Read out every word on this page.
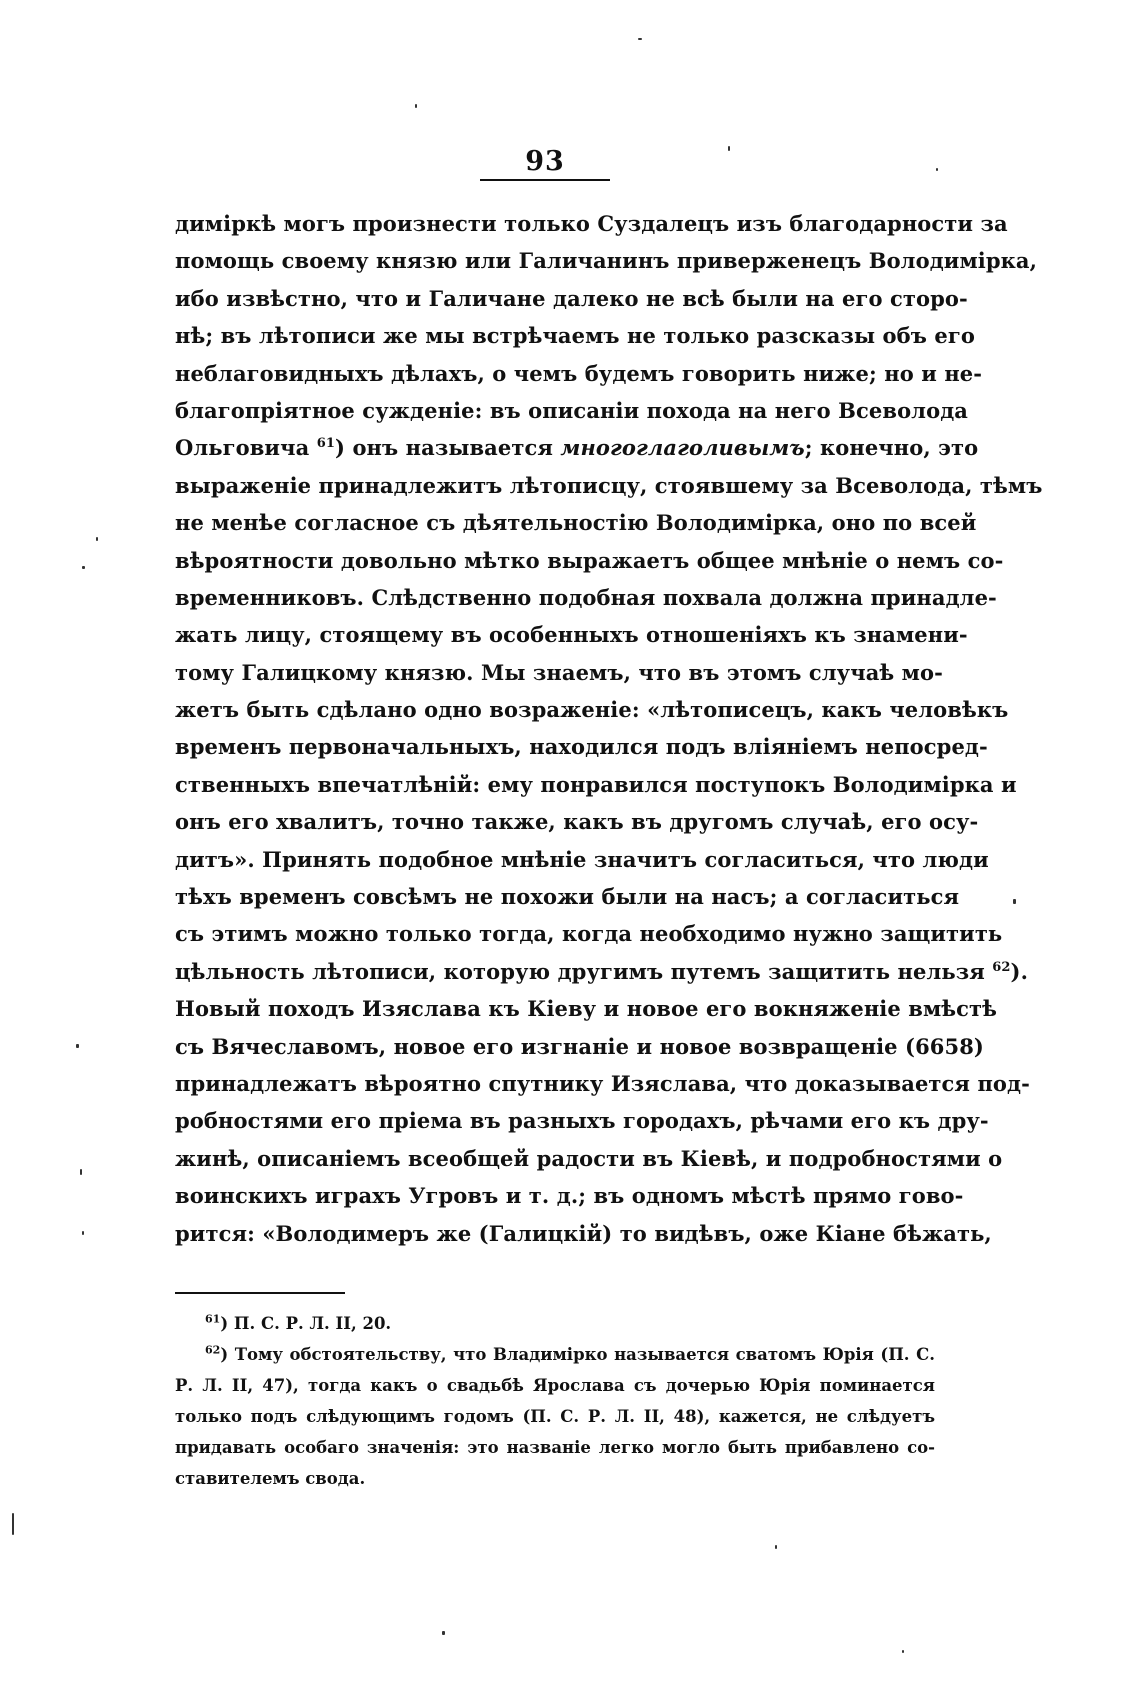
93
диміркѣ могъ произнести только Суздалецъ изъ благодарности за
помощь своему князю или Галичанинъ приверженецъ Володимірка,
ибо извѣстно, что и Галичане далеко не всѣ были на его сторо-
нѣ; въ лѣтописи же мы встрѣчаемъ не только разсказы объ его
неблаговидныхъ дѣлахъ, о чемъ будемъ говорить ниже; но и не-
благопріятное сужденіе: въ описаніи похода на него Всеволода
Ольговича $^{61}$) онъ называется многоглаголивымъ; конечно, это
выраженіе принадлежитъ лѣтописцу, стоявшему за Всеволода, тѣмъ
не менѣе согласное съ дѣятельностію Володимірка, оно по всей
вѣроятности довольно мѣтко выражаетъ общее мнѣніе о немъ со-
временниковъ. Слѣдственно подобная похвала должна принадле-
жать лицу, стоящему въ особенныхъ отношеніяхъ къ знамени-
тому Галицкому князю. Мы знаемъ, что въ этомъ случаѣ мо-
жетъ быть сдѣлано одно возраженіе: «лѣтописецъ, какъ человѣкъ
временъ первоначальныхъ, находился подъ вліяніемъ непосред-
ственныхъ впечатлѣній: ему понравился поступокъ Володимірка и
онъ его хвалитъ, точно также, какъ въ другомъ случаѣ, его осу-
дитъ». Принять подобное мнѣніе значитъ согласиться, что люди
тѣхъ временъ совсѣмъ не похожи были на насъ; а согласиться
съ этимъ можно только тогда, когда необходимо нужно защитить
цѣльность лѣтописи, которую другимъ путемъ защитить нельзя $^{62}$).
Новый походъ Изяслава къ Кіеву и новое его вокняженіе вмѣстѣ
съ Вячеславомъ, новое его изгнаніе и новое возвращеніе (6658)
принадлежатъ вѣроятно спутнику Изяслава, что доказывается под-
робностями его пріема въ разныхъ городахъ, рѣчами его къ дру-
жинѣ, описаніемъ всеобщей радости въ Кіевѣ, и подробностями о
воинскихъ играхъ Угровъ и т. д.; въ одномъ мѣстѣ прямо гово-
рится: «Володимеръ же (Галицкій) то видѣвъ, оже Кіане бѣжать,
$^{61}$) П. С. Р. Л. II, 20.
$^{62}$) Тому обстоятельству, что Владимірко называется сватомъ Юрія (П. С.
Р. Л. II, 47), тогда какъ о свадьбѣ Ярослава съ дочерью Юрія поминается
только подъ слѣдующимъ годомъ (П. С. Р. Л. II, 48), кажется, не слѣдуетъ
придавать особаго значенія: это названіе легко могло быть прибавлено со-
ставителемъ свода.
